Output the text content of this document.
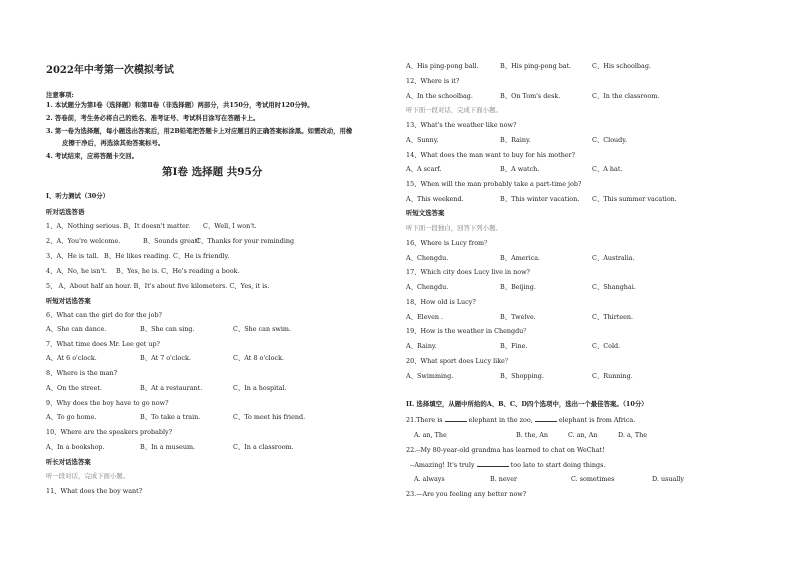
2022年中考第一次模拟考试
注意事项:
1. 本试题分为第Ⅰ卷（选择题）和第Ⅱ卷（非选择题）两部分，共150分，考试用时120分钟。
2. 答卷前，考生务必将自己的姓名、准考证号、考试科目涂写在答题卡上。
3. 第一卷为选择题，每小题选出答案后，用2B铅笔把答题卡上对应题目的正确答案标涂黑。如需改动，用橡
皮擦干净后，再选涂其他答案标号。
4. 考试结束，应将答题卡交回。
第Ⅰ卷 选择题 共95分
Ⅰ、听力测试（30分）
听对话选答语
1、A、Nothing serious. B、It doesn't matter. C、Well, I won't.
2、A、You're welcome.	B、Sounds great!
C、Thanks for your reminding
3、A、He is tall. B、He likes reading. C、He is friendly.
4、A、No, he isn't. B、Yes, he is. C、He's reading a book.
5、 A、About half an hour. B、It's about five kilometers. C、Yes, it is.
听短对话选答案
6、What can the girl do for the job?
A、She can dance.	B、She can sing.	C、She can swim.
7、What time does Mr. Lee get up?
A、At 6 o'clock.	B、At 7 o'clock.	C、At 8 o'clock.
8、Where is the man?
A、On the street.	B、At a restaurant.	C、In a hospital.
9、Why does the boy have to go now?
A、To go home.	B、To take a train.	C、To meet his friend.
10、Where are the speakers probably?
A、In a bookshop.	B、In a museum.	C、In a classroom.
听长对话选答案
听一段对话，完成下面小题。
11、What does the boy want?
A、His ping-pong ball.	B、His ping-pong bat.	C、His schoolbag.
12、Where is it?
A、In the schoolbag.	B、On Tom's desk.	C、In the classroom.
听下面一段对话，完成下面小题。
13、What's the weather like now?
A、Sunny.	B、Rainy.	C、Cloudy.
14、What does the man want to buy for his mother?
A、A scarf.	B、A watch.	C、A hat.
15、When will the man probably take a part-time job?
A、This weekend.	B、This winter vacation. C、This summer vacation.
听短文选答案
听下面一段独白，回答下列小题。
16、Where is Lucy from？
A、Chengdu.	B、America.	C、Australia.
17、Which city does Lucy live in now?
A、Chengdu.	B、Beijing.	C、Shanghai.
18、How old is Lucy?
A、Eleven .	B、Twelve.	C、Thirteen.
19、How is the weather in Chengdu？
A、Rainy.	B、Fine.	C、Cold.
20、What sport does Lucy like？
A、Swimming.	B、Shopping.	C、Running.
II. 选择填空，从题中所给的A、B、C、D四个选项中，选出一个最佳答案。（10分）
21.There is	elephant in the zoo,	elephant is from Africa.
A. an, The	B. the, An	C. an, An	D. a, The
22.--My 80-year-old grandma has learned to chat on WeChat!
--Amazing! It's truly	too late to start doing things.
A. always	B. never	C. sometimes	D. usually
23.—Are you feeling any better now?
